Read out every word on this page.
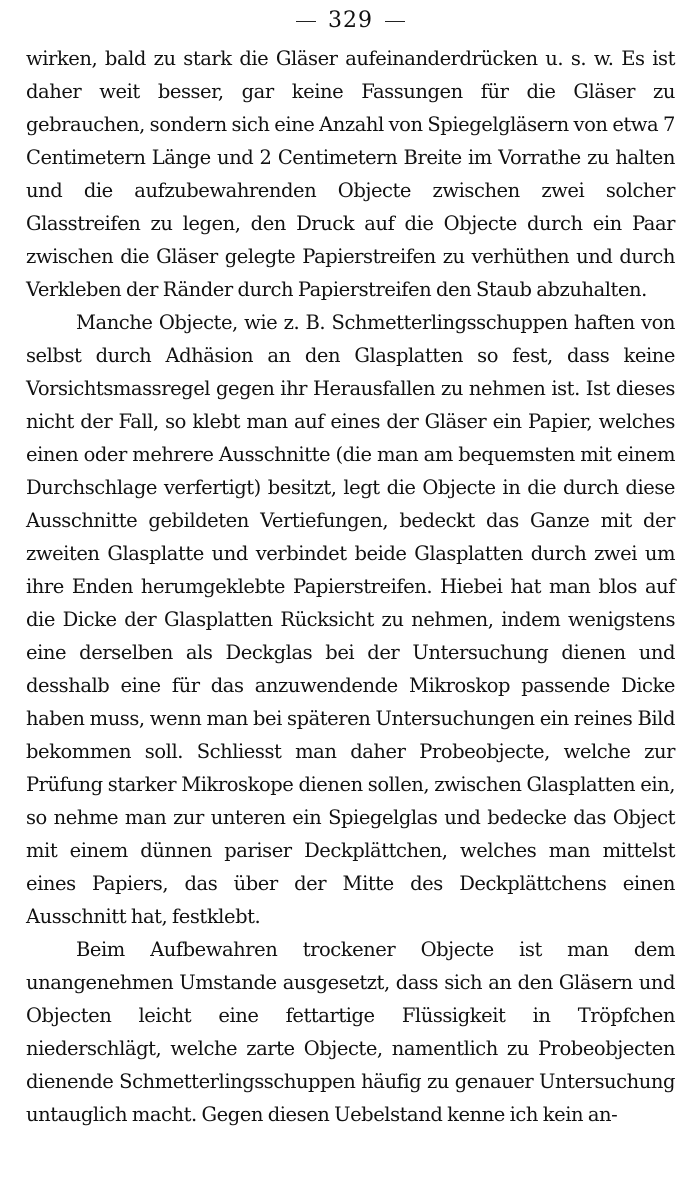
329

wirken, bald zu stark die Gläser aufeinanderdrücken u. s. w. Es ist daher weit besser, gar keine Fassungen für die Gläser zu gebrauchen, sondern sich eine Anzahl von Spiegelgläsern von etwa 7 Centimetern Länge und 2 Centimetern Breite im Vorrathe zu halten und die aufzubewahrenden Objecte zwischen zwei solcher Glasstreifen zu legen, den Druck auf die Objecte durch ein Paar zwischen die Gläser gelegte Papierstreifen zu verhüthen und durch Verkleben der Ränder durch Papierstreifen den Staub abzuhalten.

Manche Objecte, wie z. B. Schmetterlingsschuppen haften von selbst durch Adhäsion an den Glasplatten so fest, dass keine Vorsichtsmassregel gegen ihr Herausfallen zu nehmen ist. Ist dieses nicht der Fall, so klebt man auf eines der Gläser ein Papier, welches einen oder mehrere Ausschnitte (die man am bequemsten mit einem Durchschlage verfertigt) besitzt, legt die Objecte in die durch diese Ausschnitte gebildeten Vertiefungen, bedeckt das Ganze mit der zweiten Glasplatte und verbindet beide Glasplatten durch zwei um ihre Enden herumgeklebte Papierstreifen. Hiebei hat man blos auf die Dicke der Glasplatten Rücksicht zu nehmen, indem wenigstens eine derselben als Deckglas bei der Untersuchung dienen und desshalb eine für das anzuwendende Mikroskop passende Dicke haben muss, wenn man bei späteren Untersuchungen ein reines Bild bekommen soll. Schliesst man daher Probeobjecte, welche zur Prüfung starker Mikroskope dienen sollen, zwischen Glasplatten ein, so nehme man zur unteren ein Spiegelglas und bedecke das Object mit einem dünnen pariser Deckplättchen, welches man mittelst eines Papiers, das über der Mitte des Deckplättchens einen Ausschnitt hat, festklebt.

Beim Aufbewahren trockener Objecte ist man dem unangenehmen Umstande ausgesetzt, dass sich an den Gläsern und Objecten leicht eine fettartige Flüssigkeit in Tröpfchen niederschlägt, welche zarte Objecte, namentlich zu Probeobjecten dienende Schmetterlingsschuppen häufig zu genauer Untersuchung untauglich macht. Gegen diesen Uebelstand kenne ich kein an-
